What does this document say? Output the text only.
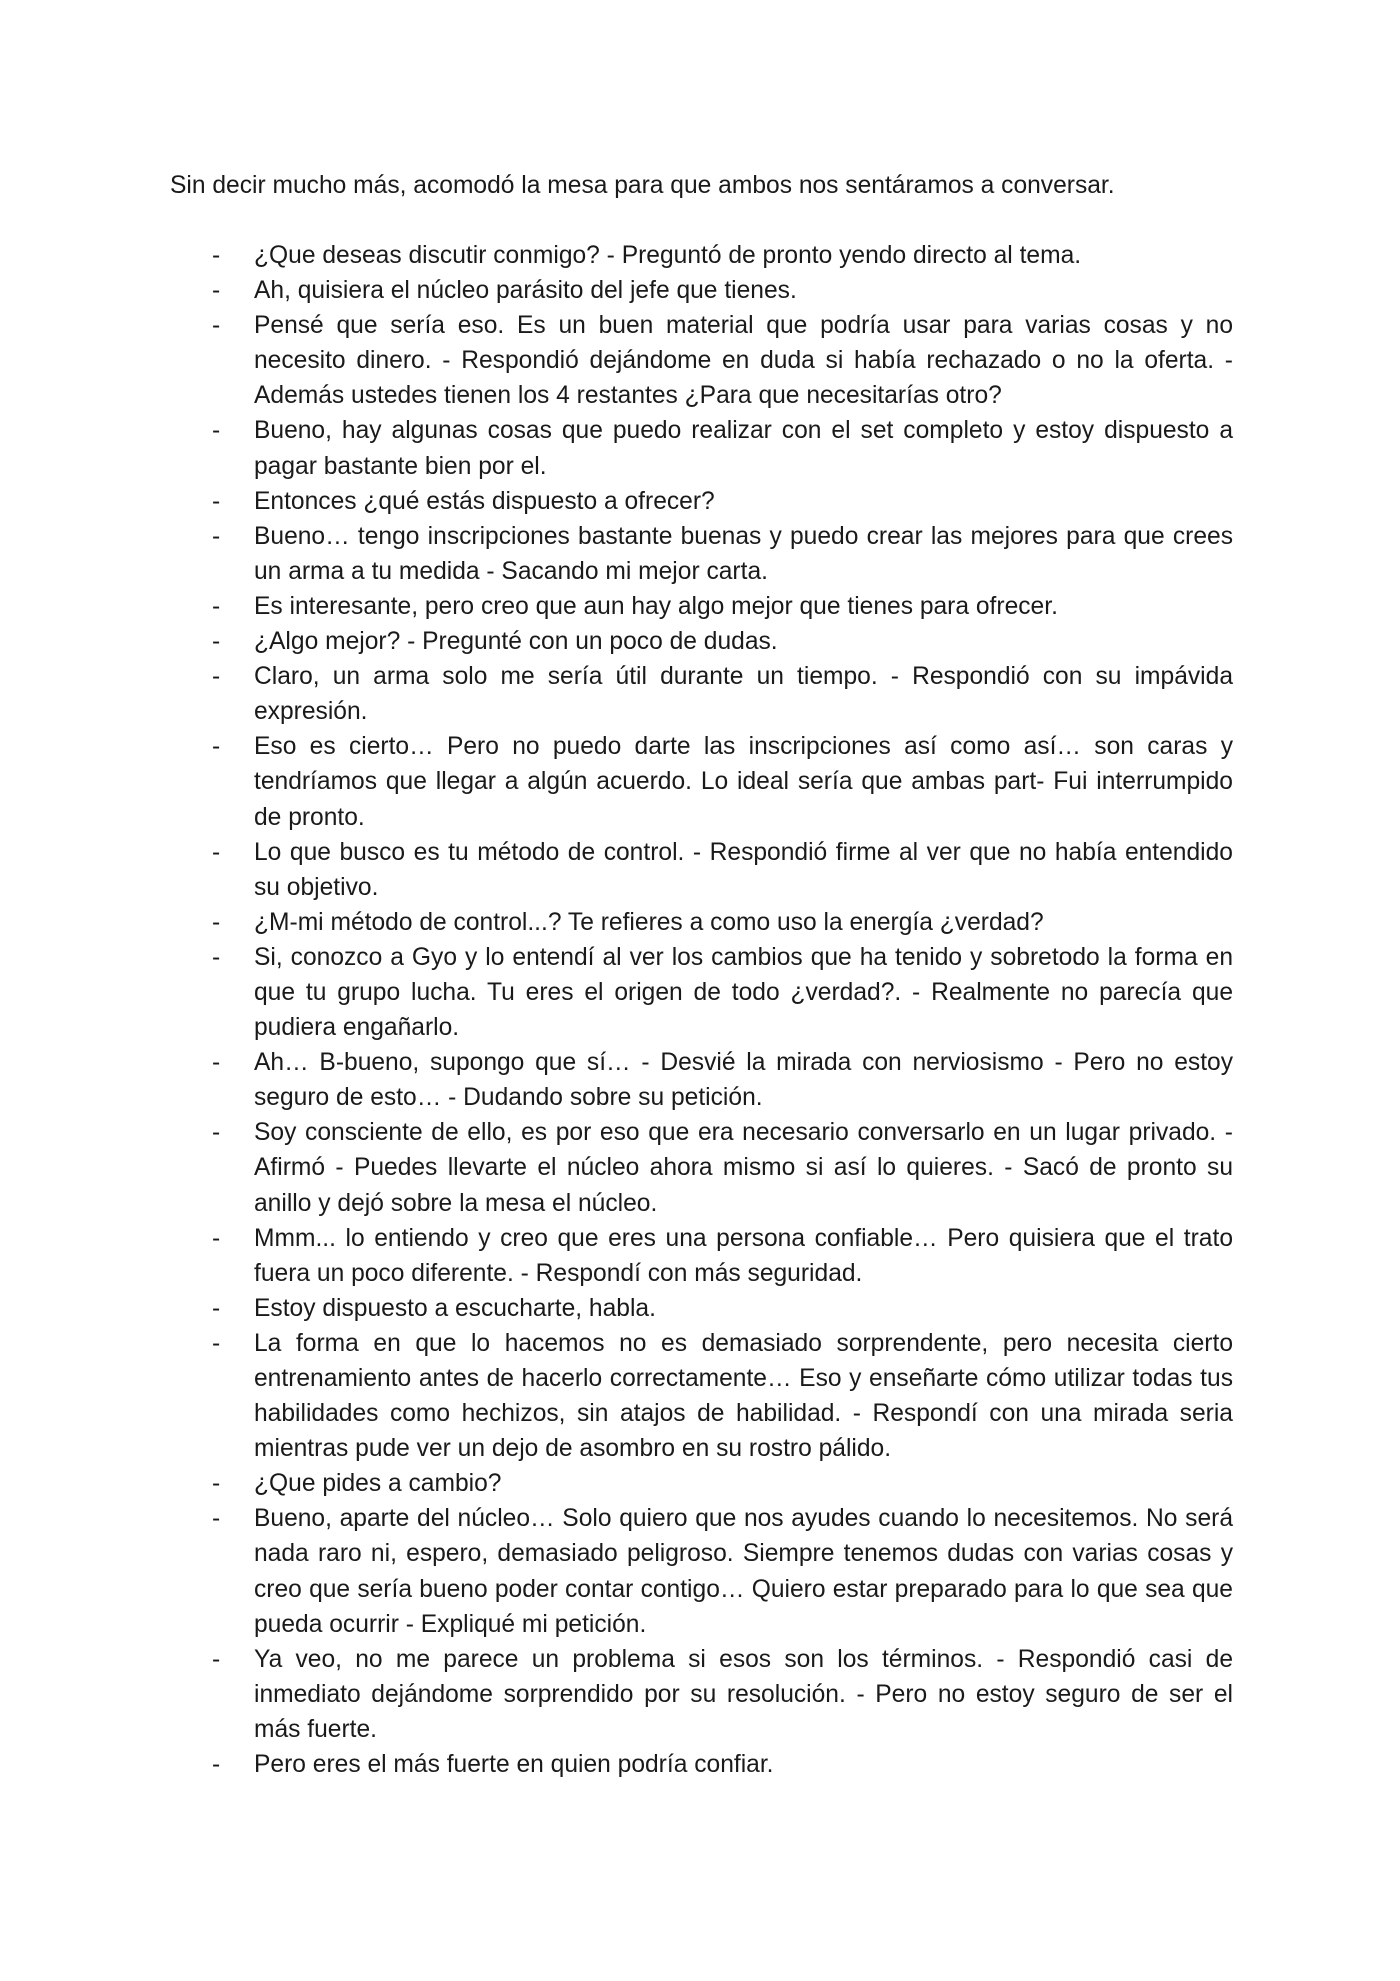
Sin decir mucho más, acomodó la mesa para que ambos nos sentáramos a conversar.

- ¿Que deseas discutir conmigo? - Preguntó de pronto yendo directo al tema.
- Ah, quisiera el núcleo parásito del jefe que tienes.
- Pensé que sería eso. Es un buen material que podría usar para varias cosas y no necesito dinero. - Respondió dejándome en duda si había rechazado o no la oferta. - Además ustedes tienen los 4 restantes ¿Para que necesitarías otro?
- Bueno, hay algunas cosas que puedo realizar con el set completo y estoy dispuesto a pagar bastante bien por el.
- Entonces ¿qué estás dispuesto a ofrecer?
- Bueno… tengo inscripciones bastante buenas y puedo crear las mejores para que crees un arma a tu medida - Sacando mi mejor carta.
- Es interesante, pero creo que aun hay algo mejor que tienes para ofrecer.
- ¿Algo mejor? - Pregunté con un poco de dudas.
- Claro, un arma solo me sería útil durante un tiempo. - Respondió con su impávida expresión.
- Eso es cierto… Pero no puedo darte las inscripciones así como así… son caras y tendríamos que llegar a algún acuerdo. Lo ideal sería que ambas part- Fui interrumpido de pronto.
- Lo que busco es tu método de control. - Respondió firme al ver que no había entendido su objetivo.
- ¿M-mi método de control...? Te refieres a como uso la energía ¿verdad?
- Si, conozco a Gyo y lo entendí al ver los cambios que ha tenido y sobretodo la forma en que tu grupo lucha. Tu eres el origen de todo ¿verdad?. - Realmente no parecía que pudiera engañarlo.
- Ah… B-bueno, supongo que sí… - Desvié la mirada con nerviosismo - Pero no estoy seguro de esto… - Dudando sobre su petición.
- Soy consciente de ello, es por eso que era necesario conversarlo en un lugar privado. - Afirmó - Puedes llevarte el núcleo ahora mismo si así lo quieres. - Sacó de pronto su anillo y dejó sobre la mesa el núcleo.
- Mmm... lo entiendo y creo que eres una persona confiable… Pero quisiera que el trato fuera un poco diferente. - Respondí con más seguridad.
- Estoy dispuesto a escucharte, habla.
- La forma en que lo hacemos no es demasiado sorprendente, pero necesita cierto entrenamiento antes de hacerlo correctamente… Eso y enseñarte cómo utilizar todas tus habilidades como hechizos, sin atajos de habilidad. - Respondí con una mirada seria mientras pude ver un dejo de asombro en su rostro pálido.
- ¿Que pides a cambio?
- Bueno, aparte del núcleo… Solo quiero que nos ayudes cuando lo necesitemos. No será nada raro ni, espero, demasiado peligroso. Siempre tenemos dudas con varias cosas y creo que sería bueno poder contar contigo… Quiero estar preparado para lo que sea que pueda ocurrir - Expliqué mi petición.
- Ya veo, no me parece un problema si esos son los términos. - Respondió casi de inmediato dejándome sorprendido por su resolución. - Pero no estoy seguro de ser el más fuerte.
- Pero eres el más fuerte en quien podría confiar.
